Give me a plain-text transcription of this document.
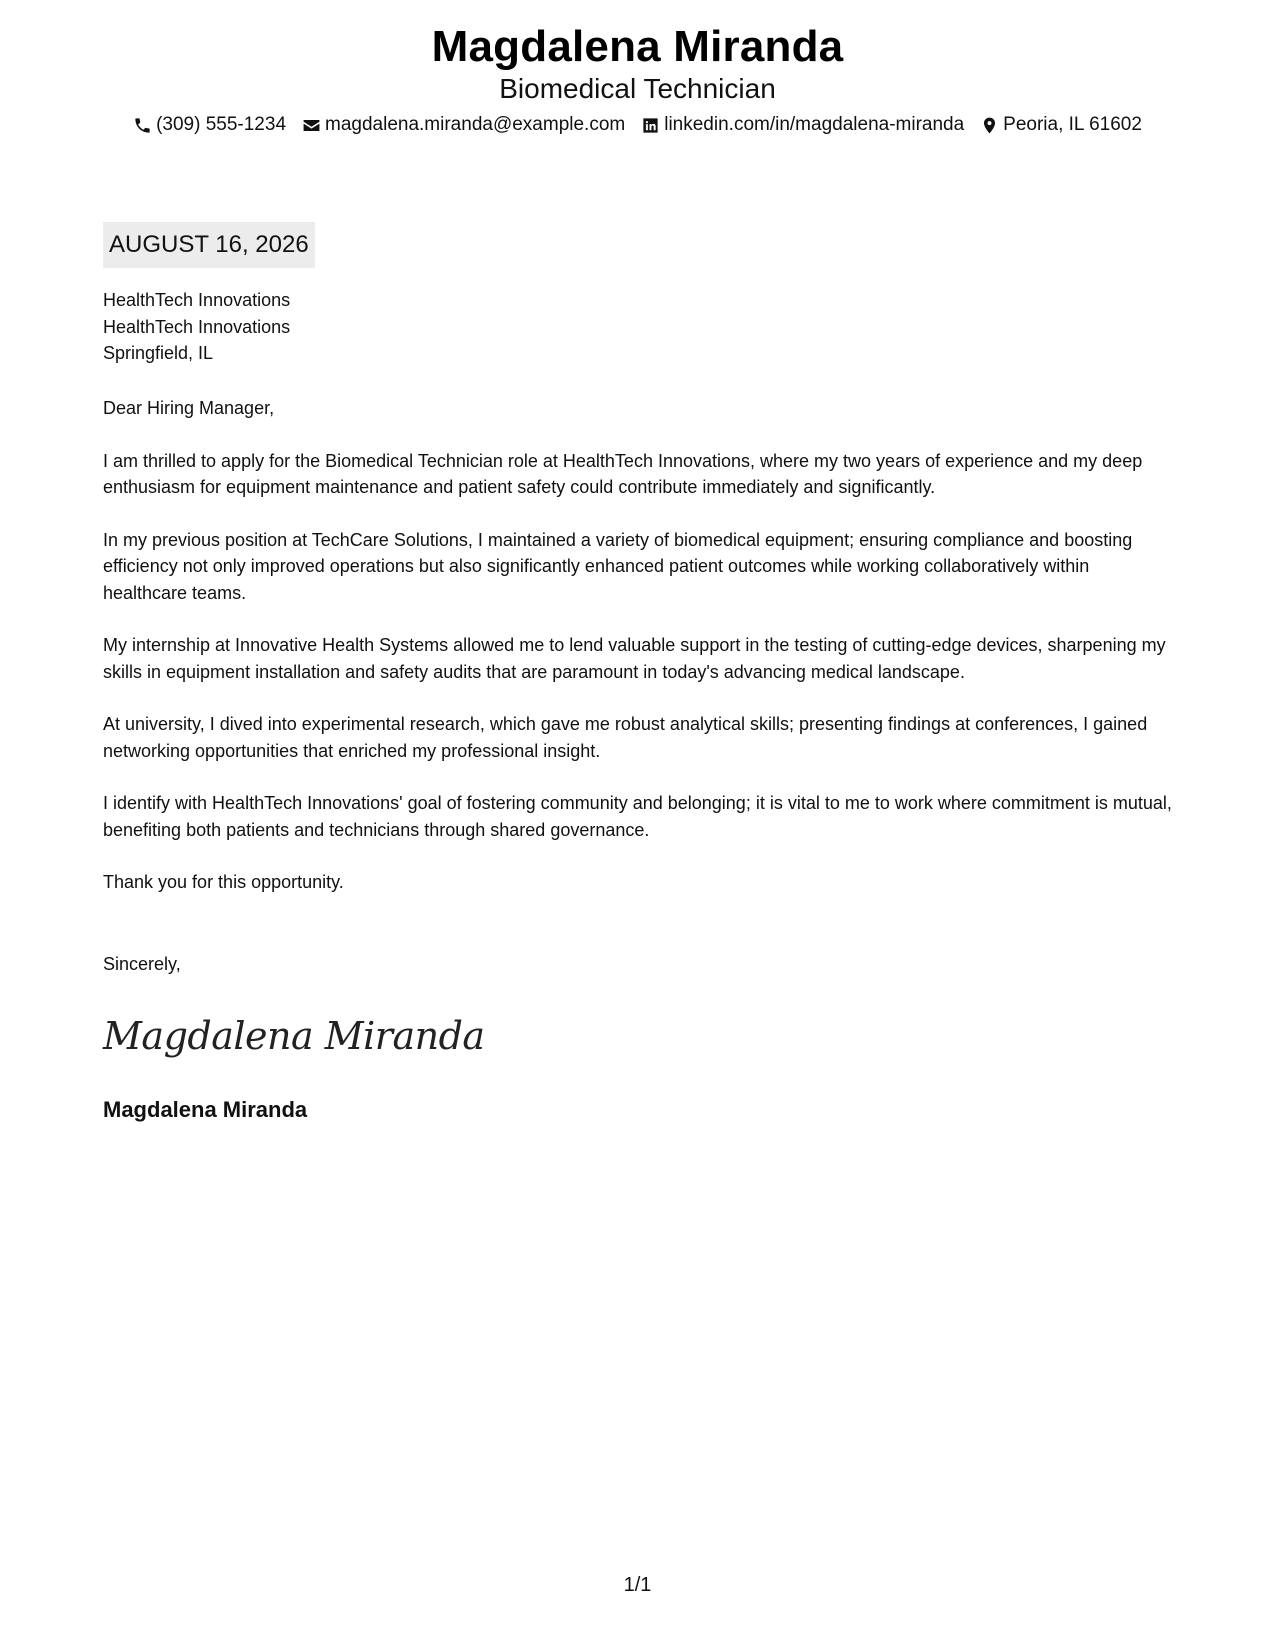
Magdalena Miranda
Biomedical Technician
(309) 555-1234 magdalena.miranda@example.com linkedin.com/in/magdalena-miranda Peoria, IL 61602
AUGUST 16, 2026
HealthTech Innovations
HealthTech Innovations
Springfield, IL

Dear Hiring Manager,

I am thrilled to apply for the Biomedical Technician role at HealthTech Innovations, where my two years of experience and my deep enthusiasm for equipment maintenance and patient safety could contribute immediately and significantly.

In my previous position at TechCare Solutions, I maintained a variety of biomedical equipment; ensuring compliance and boosting efficiency not only improved operations but also significantly enhanced patient outcomes while working collaboratively within healthcare teams.

My internship at Innovative Health Systems allowed me to lend valuable support in the testing of cutting-edge devices, sharpening my skills in equipment installation and safety audits that are paramount in today's advancing medical landscape.

At university, I dived into experimental research, which gave me robust analytical skills; presenting findings at conferences, I gained networking opportunities that enriched my professional insight.

I identify with HealthTech Innovations' goal of fostering community and belonging; it is vital to me to work where commitment is mutual, benefiting both patients and technicians through shared governance.

Thank you for this opportunity.

Sincerely,
Magdalena Miranda
Magdalena Miranda
1/1
